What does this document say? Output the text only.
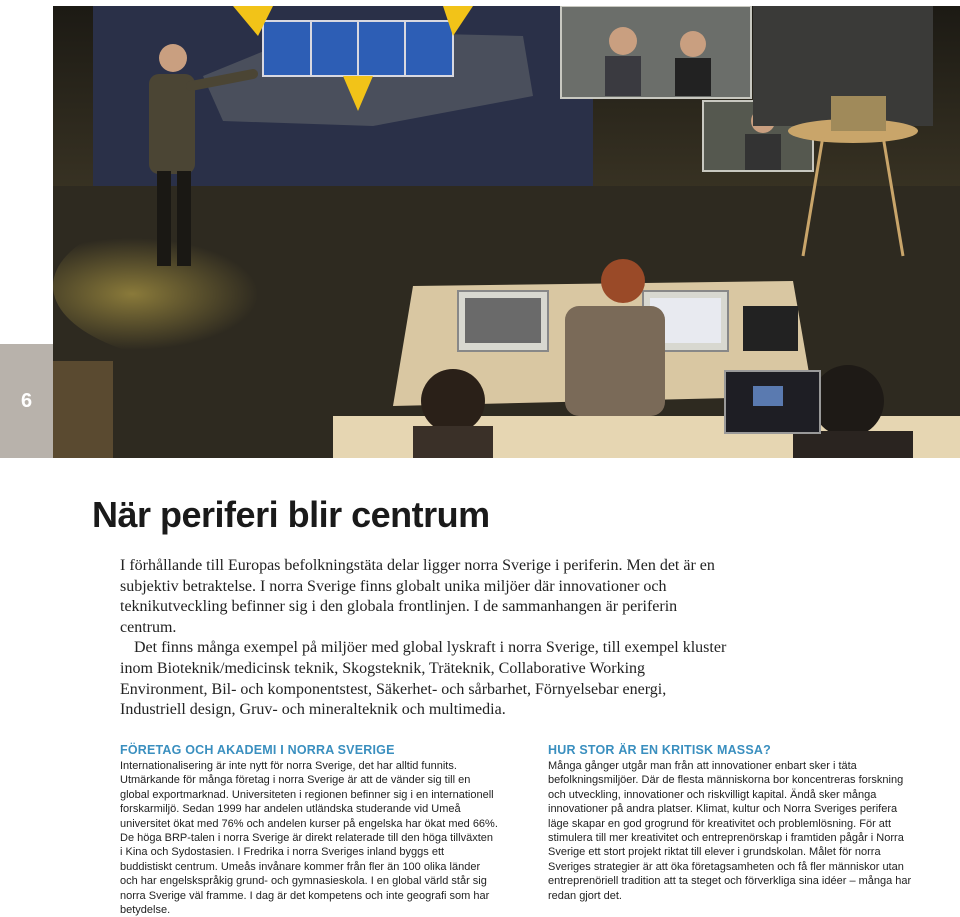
6
När periferi blir centrum

I förhållande till Europas befolkningstäta delar ligger norra Sverige i periferin. Men det är en subjektiv betraktelse. I norra Sverige finns globalt unika miljöer där innovationer och teknikutveckling befinner sig i den globala frontlinjen. I de sammanhangen är periferin centrum.

Det finns många exempel på miljöer med global lyskraft i norra Sverige, till exempel kluster inom Bioteknik/medicinsk teknik, Skogsteknik, Träteknik, Collaborative Working Environment, Bil- och komponentstest, Säkerhet- och sårbarhet, Förnyelsebar energi, Industriell design, Gruv- och mineralteknik och multimedia.

FÖRETAG OCH AKADEMI I NORRA SVERIGE

Internationalisering är inte nytt för norra Sverige, det har alltid funnits. Utmärkande för många företag i norra Sverige är att de vänder sig till en global exportmarknad. Universiteten i regionen befinner sig i en internationell forskarmiljö. Sedan 1999 har andelen utländska studerande vid Umeå universitet ökat med 76% och andelen kurser på engelska har ökat med 66%. De höga BRP-talen i norra Sverige är direkt relaterade till den höga tillväxten i Kina och Sydostasien. I Fredrika i norra Sveriges inland byggs ett buddistiskt centrum. Umeås invånare kommer från fler än 100 olika länder och har engelskspråkig grund- och gymnasieskola. I en global värld står sig norra Sverige väl framme. I dag är det kompetens och inte geografi som har betydelse.

HUR STOR ÄR EN KRITISK MASSA?

Många gånger utgår man från att innovationer enbart sker i täta befolkningsmiljöer. Där de flesta människorna bor koncentreras forskning och utveckling, innovationer och riskvilligt kapital. Ändå sker många innovationer på andra platser. Klimat, kultur och Norra Sveriges perifera läge skapar en god grogrund för kreativitet och problemlösning. För att stimulera till mer kreativitet och entreprenörskap i framtiden pågår i Norra Sverige ett stort projekt riktat till elever i grundskolan. Målet för norra Sveriges strategier är att öka företagsamheten och få fler människor utan entreprenöriell tradition att ta steget och förverkliga sina idéer – många har redan gjort det.
